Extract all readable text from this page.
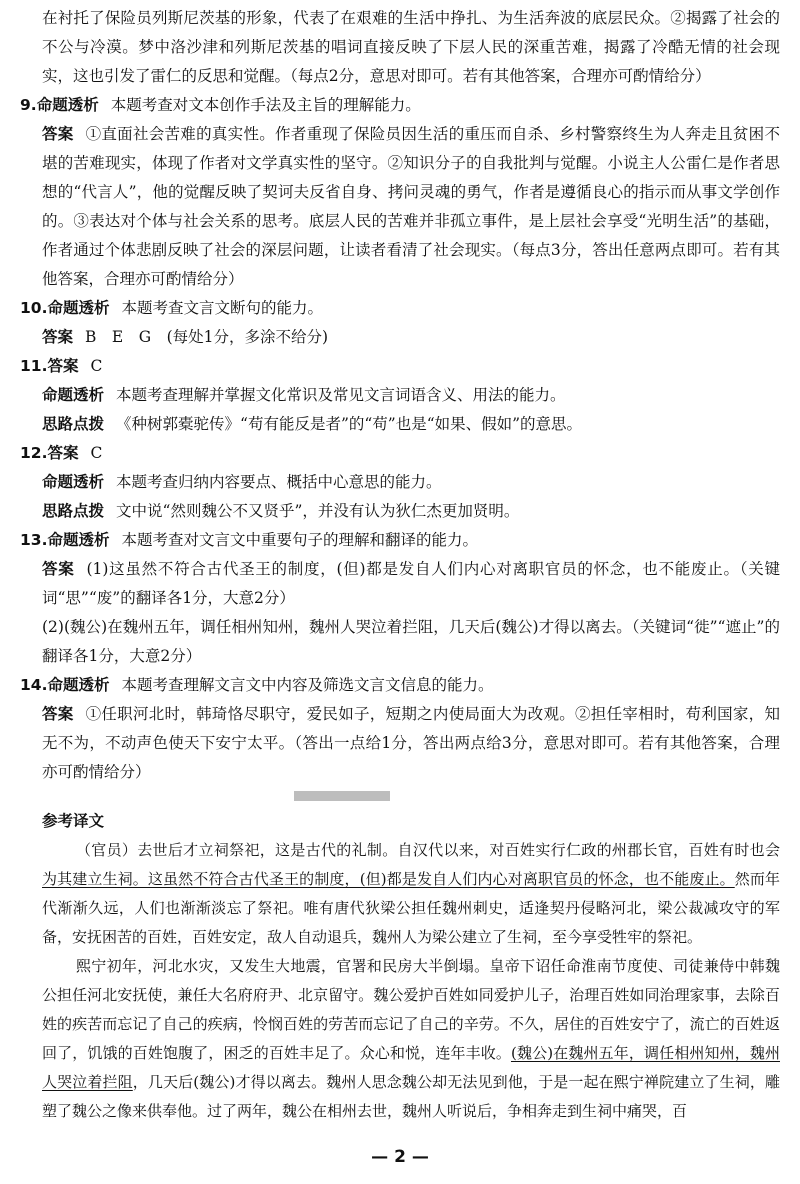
在衬托了保险员列斯尼茨基的形象，代表了在艰难的生活中挣扎、为生活奔波的底层民众。②揭露了社会的不公与冷漠。梦中洛沙津和列斯尼茨基的唱词直接反映了下层人民的深重苦难，揭露了冷酷无情的社会现实，这也引发了雷仁的反思和觉醒。（每点2分，意思对即可。若有其他答案，合理亦可酌情给分）

9.命题透析 本题考查对文本创作手法及主旨的理解能力。

答案 ①直面社会苦难的真实性。作者重现了保险员因生活的重压而自杀、乡村警察终生为人奔走且贫困不堪的苦难现实，体现了作者对文学真实性的坚守。②知识分子的自我批判与觉醒。小说主人公雷仁是作者思想的“代言人”，他的觉醒反映了契诃夫反省自身、拷问灵魂的勇气，作者是遵循良心的指示而从事文学创作的。③表达对个体与社会关系的思考。底层人民的苦难并非孤立事件，是上层社会享受“光明生活”的基础，作者通过个体悲剧反映了社会的深层问题，让读者看清了社会现实。（每点3分，答出任意两点即可。若有其他答案，合理亦可酌情给分）

10.命题透析 本题考查文言文断句的能力。

答案 B　E　G　(每处1分，多涂不给分)

11.答案 C

命题透析 本题考查理解并掌握文化常识及常见文言词语含义、用法的能力。

思路点拨 《种树郭橐驼传》“苟有能反是者”的“苟”也是“如果、假如”的意思。

12.答案 C

命题透析 本题考查归纳内容要点、概括中心意思的能力。

思路点拨 文中说“然则魏公不又贤乎”，并没有认为狄仁杰更加贤明。

13.命题透析 本题考查对文言文中重要句子的理解和翻译的能力。

答案 (1)这虽然不符合古代圣王的制度，(但)都是发自人们内心对离职官员的怀念，也不能废止。（关键词“思”“废”的翻译各1分，大意2分）

(2)(魏公)在魏州五年，调任相州知州，魏州人哭泣着拦阻，几天后(魏公)才得以离去。（关键词“徙”“遮止”的翻译各1分，大意2分）

14.命题透析 本题考查理解文言文中内容及筛选文言文信息的能力。

答案 ①任职河北时，韩琦恪尽职守，爱民如子，短期之内使局面大为改观。②担任宰相时，苟利国家，知无不为，不动声色使天下安宁太平。（答出一点给1分，答出两点给3分，意思对即可。若有其他答案，合理亦可酌情给分）

参考译文

（官员）去世后才立祠祭祀，这是古代的礼制。自汉代以来，对百姓实行仁政的州郡长官，百姓有时也会为其建立生祠。这虽然不符合古代圣王的制度，(但)都是发自人们内心对离职官员的怀念，也不能废止。然而年代渐渐久远，人们也渐渐淡忘了祭祀。唯有唐代狄梁公担任魏州刺史，适逢契丹侵略河北，梁公裁减攻守的军备，安抚困苦的百姓，百姓安定，敌人自动退兵，魏州人为梁公建立了生祠，至今享受牲牢的祭祀。

熙宁初年，河北水灾，又发生大地震，官署和民房大半倒塌。皇帝下诏任命淮南节度使、司徒兼侍中韩魏公担任河北安抚使，兼任大名府府尹、北京留守。魏公爱护百姓如同爱护儿子，治理百姓如同治理家事，去除百姓的疾苦而忘记了自己的疾病，怜悯百姓的劳苦而忘记了自己的辛劳。不久，居住的百姓安宁了，流亡的百姓返回了，饥饿的百姓饱腹了，困乏的百姓丰足了。众心和悦，连年丰收。(魏公)在魏州五年，调任相州知州，魏州人哭泣着拦阻，几天后(魏公)才得以离去。魏州人思念魏公却无法见到他，于是一起在熙宁禅院建立了生祠，雕塑了魏公之像来供奉他。过了两年，魏公在相州去世，魏州人听说后，争相奔走到生祠中痛哭，百

— 2 —
